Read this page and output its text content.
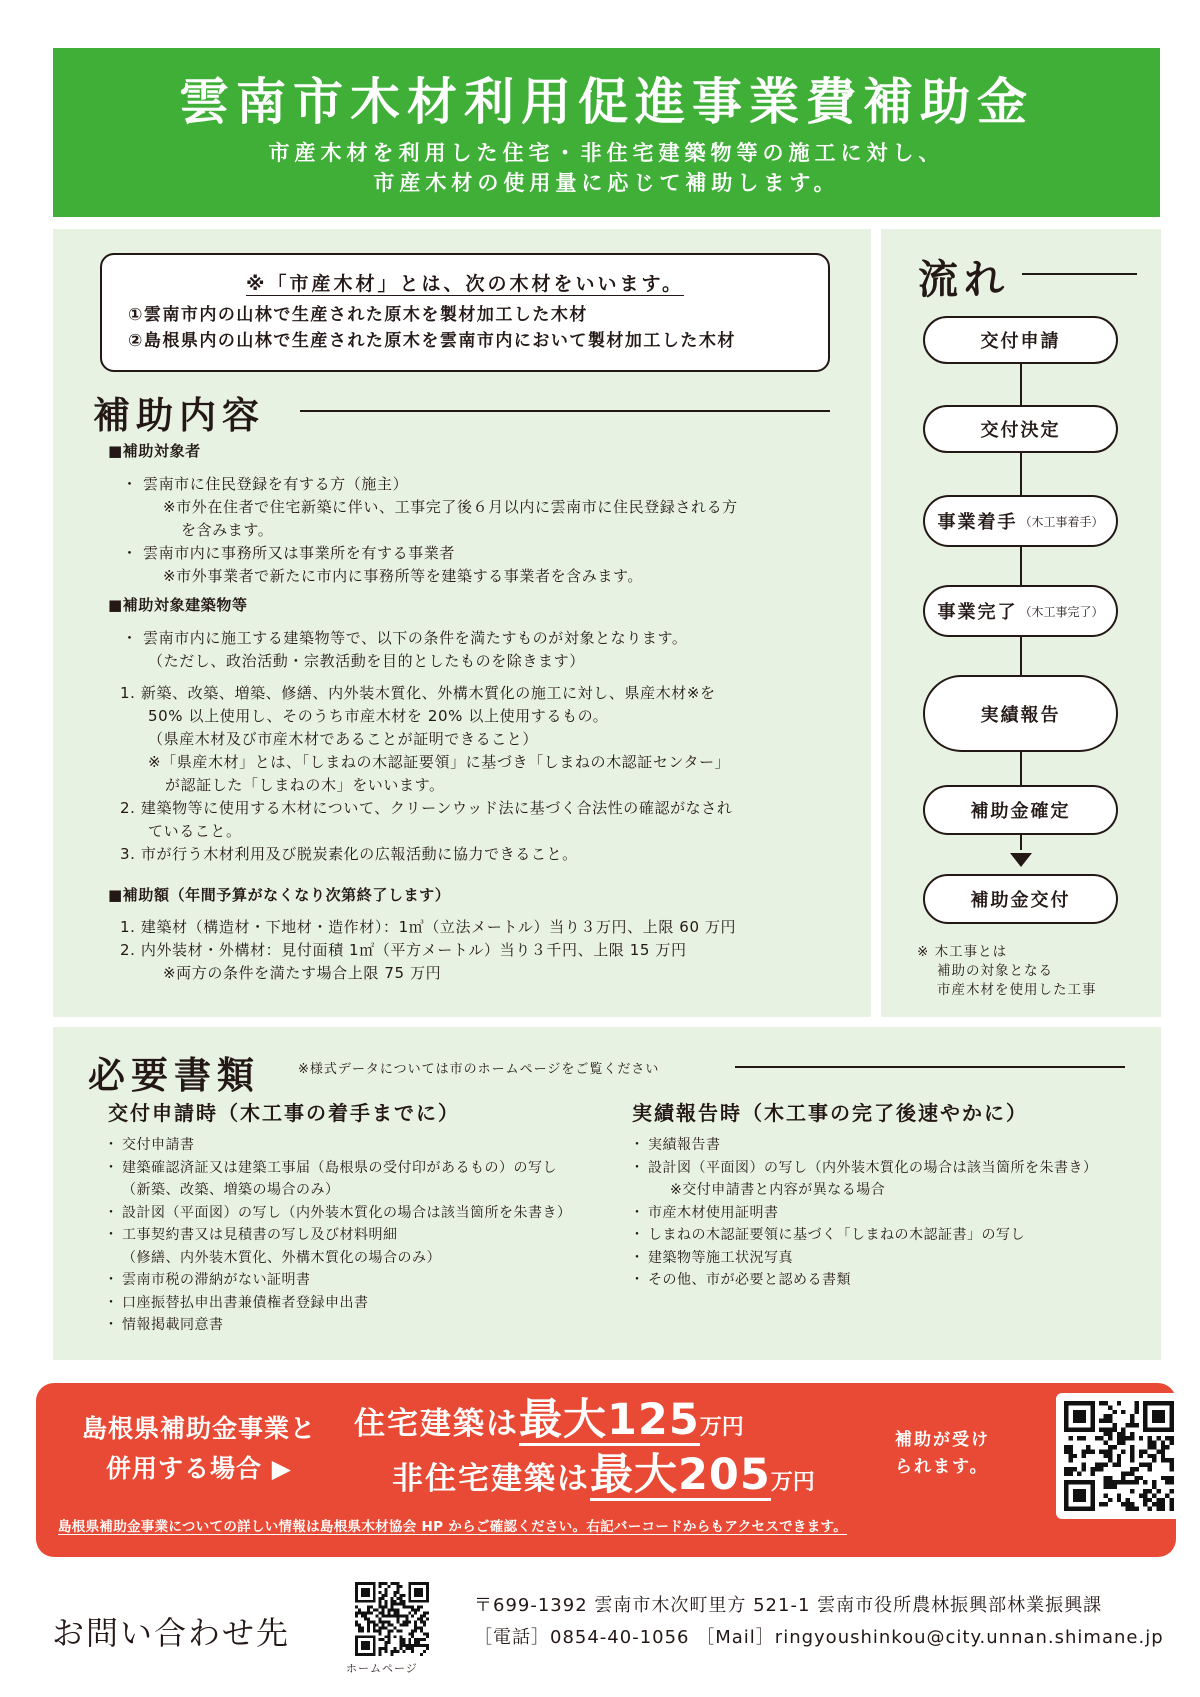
雲南市木材利用促進事業費補助金
市産木材を利用した住宅・非住宅建築物等の施工に対し、
市産木材の使用量に応じて補助します。
※「市産木材」とは、次の木材をいいます。
①雲南市内の山林で生産された原木を製材加工した木材
②島根県内の山林で生産された原木を雲南市内において製材加工した木材
補助内容
■補助対象者
・ 雲南市に住民登録を有する方（施主）
※市外在住者で住宅新築に伴い、工事完了後６月以内に雲南市に住民登録される方
を含みます。
・ 雲南市内に事務所又は事業所を有する事業者
※市外事業者で新たに市内に事務所等を建築する事業者を含みます。
■補助対象建築物等
・ 雲南市内に施工する建築物等で、以下の条件を満たすものが対象となります。
（ただし、政治活動・宗教活動を目的としたものを除きます）
1. 新築、改築、増築、修繕、内外装木質化、外構木質化の施工に対し、県産木材※を
50% 以上使用し、そのうち市産木材を 20% 以上使用するもの。
（県産木材及び市産木材であることが証明できること）
※「県産木材」とは、「しまねの木認証要領」に基づき「しまねの木認証センター」
が認証した「しまねの木」をいいます。
2. 建築物等に使用する木材について、クリーンウッド法に基づく合法性の確認がなされ
ていること。
3. 市が行う木材利用及び脱炭素化の広報活動に協力できること。
■補助額（年間予算がなくなり次第終了します）
1. 建築材（構造材・下地材・造作材）：1㎥（立法メートル）当り３万円、上限 60 万円
2. 内外装材・外構材：見付面積 1㎡（平方メートル）当り３千円、上限 15 万円
※両方の条件を満たす場合上限 75 万円
流れ
交付申請
交付決定
事業着手 （木工事着手）
事業完了 （木工事完了）
実績報告
補助金確定
補助金交付
※ 木工事とは
補助の対象となる
市産木材を使用した工事
必要書類	※様式データについては市のホームページをご覧ください
交付申請時（木工事の着手までに）
・ 交付申請書
・ 建築確認済証又は建築工事届（島根県の受付印があるもの）の写し
（新築、改築、増築の場合のみ）
・ 設計図（平面図）の写し（内外装木質化の場合は該当箇所を朱書き）
・ 工事契約書又は見積書の写し及び材料明細
（修繕、内外装木質化、外構木質化の場合のみ）
・ 雲南市税の滞納がない証明書
・ 口座振替払申出書兼債権者登録申出書
・ 情報掲載同意書
実績報告時（木工事の完了後速やかに）
・ 実績報告書
・ 設計図（平面図）の写し（内外装木質化の場合は該当箇所を朱書き）
※交付申請書と内容が異なる場合
・ 市産木材使用証明書
・ しまねの木認証要領に基づく「しまねの木認証書」の写し
・ 建築物等施工状況写真
・ その他、市が必要と認める書類
島根県補助金事業と
併用する場合 ▶
住宅建築は 最大125 万円
非住宅建築は 最大205 万円
補助が受け
られます。
島根県補助金事業についての詳しい情報は島根県木材協会 HP からご確認ください。右記バーコードからもアクセスできます。
お問い合わせ先
ホームページ
〒699-1392 雲南市木次町里方 521-1 雲南市役所農林振興部林業振興課
［電話］0854-40-1056 ［Mail］ringyoushinkou@city.unnan.shimane.jp
